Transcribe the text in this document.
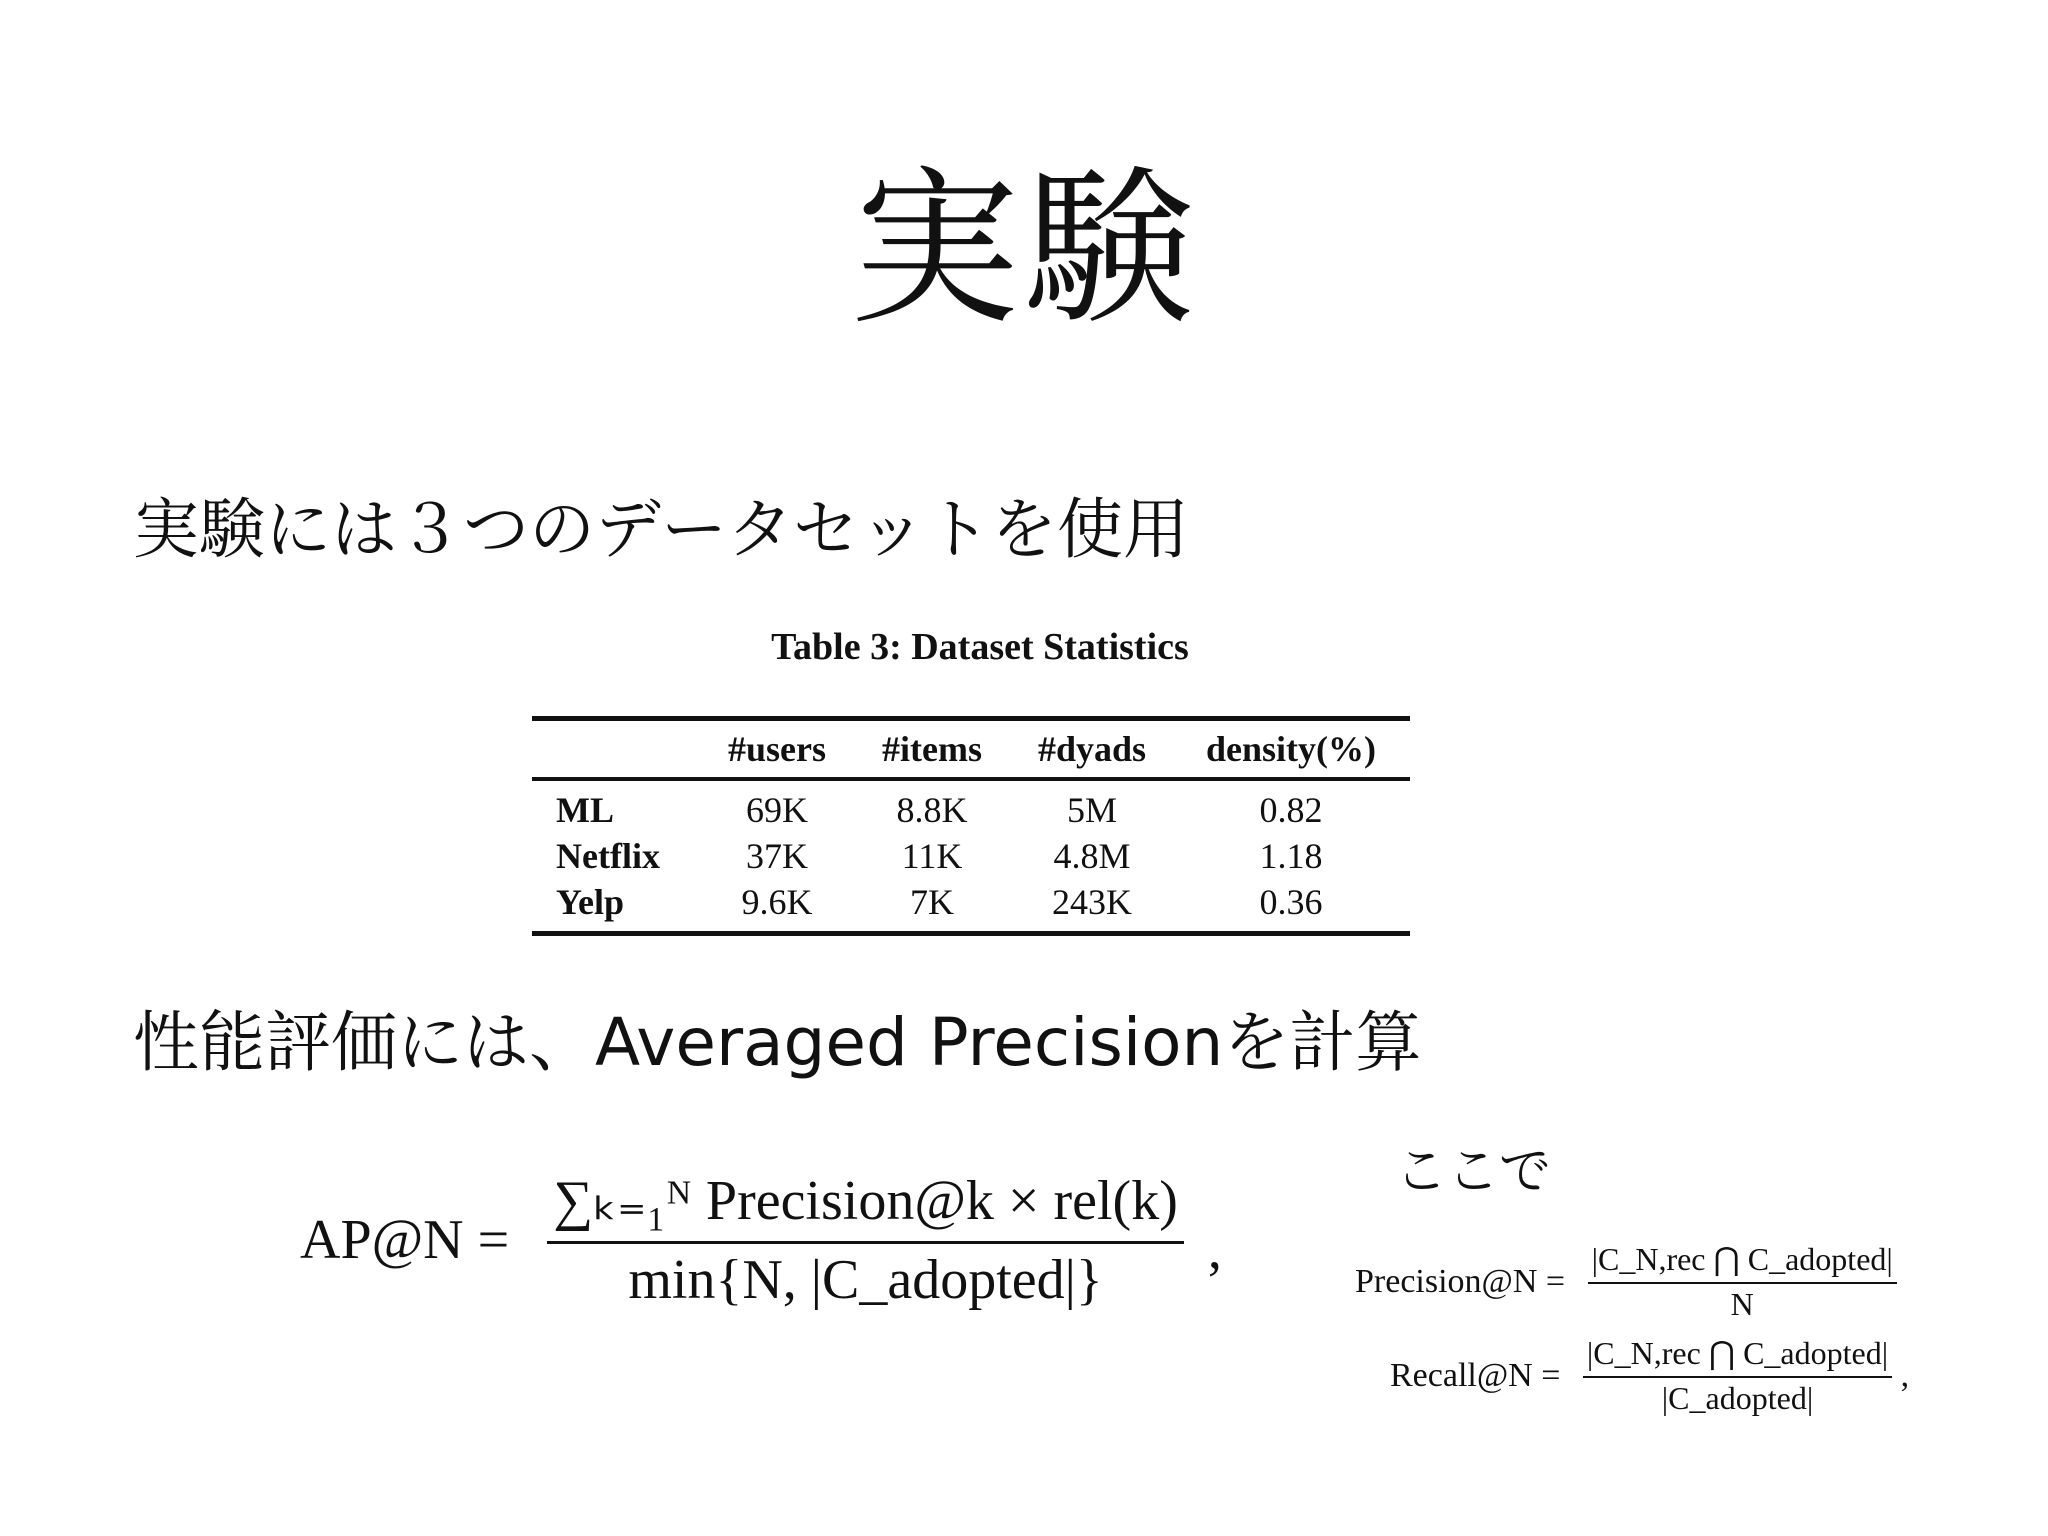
実験
実験には３つのデータセットを使用
Table 3: Dataset Statistics
	#users	#items	#dyads	density(%)
ML	69K	8.8K	5M	0.82
Netflix	37K	11K	4.8M	1.18
Yelp	9.6K	7K	243K	0.36
性能評価には、Averaged Precisionを計算
AP@N = $\frac{\text{∑ₖ₌₁ᴺ Precision@k × rel(k)}}{\text{min\{N, |C\_adopted|\}}}$ ,
ここで
Precision@N = $\frac{\text{|C\_N,rec ⋂ C\_adopted|}}{N}$
Recall@N = $\frac{\text{|C\_N,rec ⋂ C\_adopted|}}{\text{|C\_adopted|}}$ ,
